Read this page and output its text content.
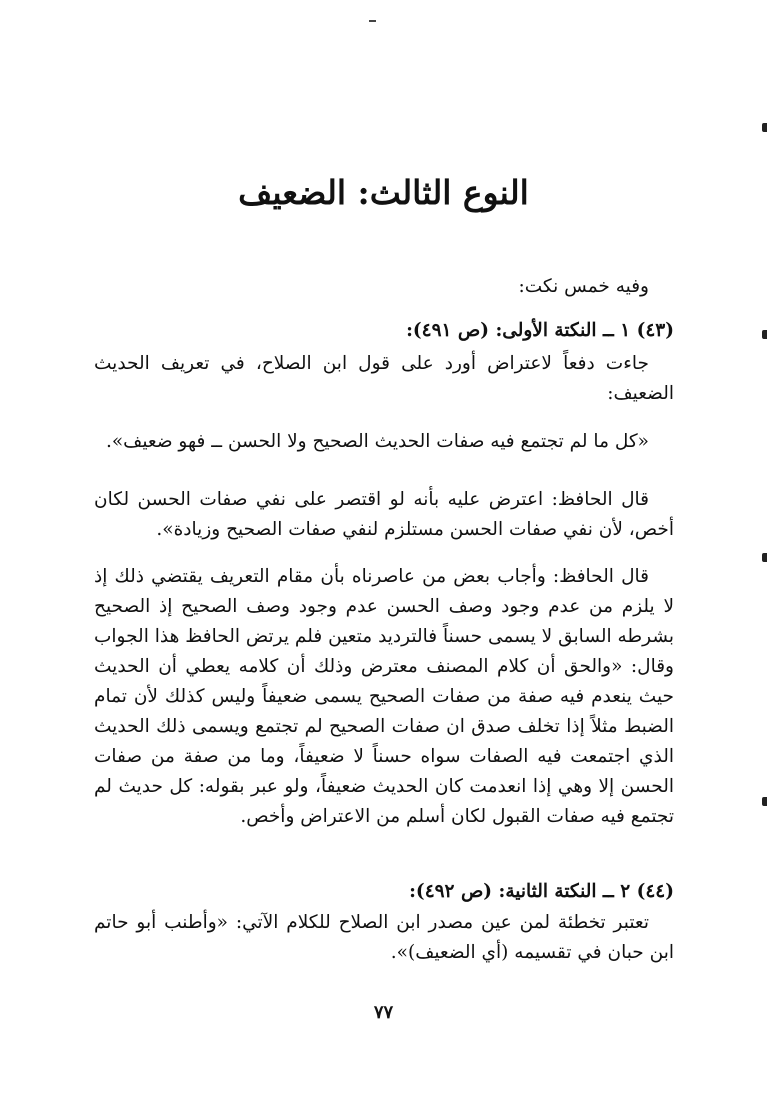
النوع الثالث: الضعيف
وفيه خمس نكت:
(٤٣) ١ ــ النكتة الأولى: (ص ٤٩١):
جاءت دفعاً لاعتراض أورد على قول ابن الصلاح، في تعريف الحديث الضعيف:
«كل ما لم تجتمع فيه صفات الحديث الصحيح ولا الحسن ــ فهو ضعيف».
قال الحافظ: اعترض عليه بأنه لو اقتصر على نفي صفات الحسن لكان أخص، لأن نفي صفات الحسن مستلزم لنفي صفات الصحيح وزيادة».
قال الحافظ: وأجاب بعض من عاصرناه بأن مقام التعريف يقتضي ذلك إذ لا يلزم من عدم وجود وصف الحسن عدم وجود وصف الصحيح إذ الصحيح بشرطه السابق لا يسمى حسناً فالترديد متعين فلم يرتض الحافظ هذا الجواب وقال: «والحق أن كلام المصنف معترض وذلك أن كلامه يعطي أن الحديث حيث ينعدم فيه صفة من صفات الصحيح يسمى ضعيفاً وليس كذلك لأن تمام الضبط مثلاً إذا تخلف صدق ان صفات الصحيح لم تجتمع ويسمى ذلك الحديث الذي اجتمعت فيه الصفات سواه حسناً لا ضعيفاً، وما من صفة من صفات الحسن إلا وهي إذا انعدمت كان الحديث ضعيفاً، ولو عبر بقوله: كل حديث لم تجتمع فيه صفات القبول لكان أسلم من الاعتراض وأخص.
(٤٤) ٢ ــ النكتة الثانية: (ص ٤٩٢):
تعتبر تخطئة لمن عين مصدر ابن الصلاح للكلام الآتي: «وأطنب أبو حاتم ابن حبان في تقسيمه (أي الضعيف)».
٧٧
